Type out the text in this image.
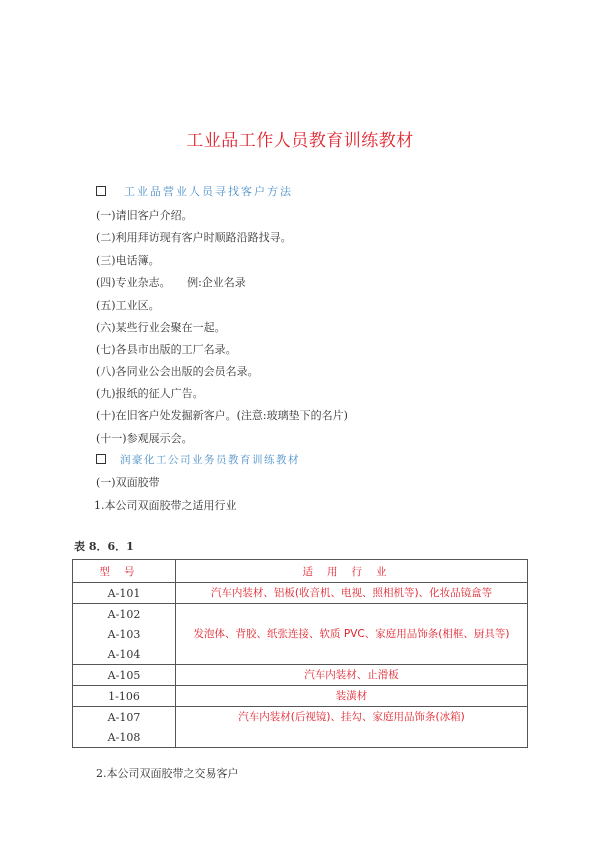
工业品工作人员教育训练教材
工业品营业人员寻找客户方法
(一)请旧客户介绍。
(二)利用拜访现有客户时顺路沿路找寻。
(三)电话簿。
(四)专业杂志。　　例:企业名录
(五)工业区。
(六)某些行业会聚在一起。
(七)各县市出版的工厂名录。
(八)各同业公会出版的会员名录。
(九)报纸的征人广告。
(十)在旧客户处发掘新客户。(注意:玻璃垫下的名片)
(十一)参观展示会。
润豪化工公司业务员教育训练教材
(一)双面胶带
1.本公司双面胶带之适用行业
表 8．6．1
型号	适用行业

A-101	汽车内装材、铝板(收音机、电视、照相机等)、化妆品镜盒等

A-102
A-103
A-104	发泡体、背胶、纸张连接、软质 PVC、家庭用品饰条(相框、厨具等)

A-105	汽车内装材、止滑板

1-106	装潢材

A-107
A-108	汽车内装材(后视镜)、挂勾、家庭用品饰条(冰箱)
2.本公司双面胶带之交易客户
